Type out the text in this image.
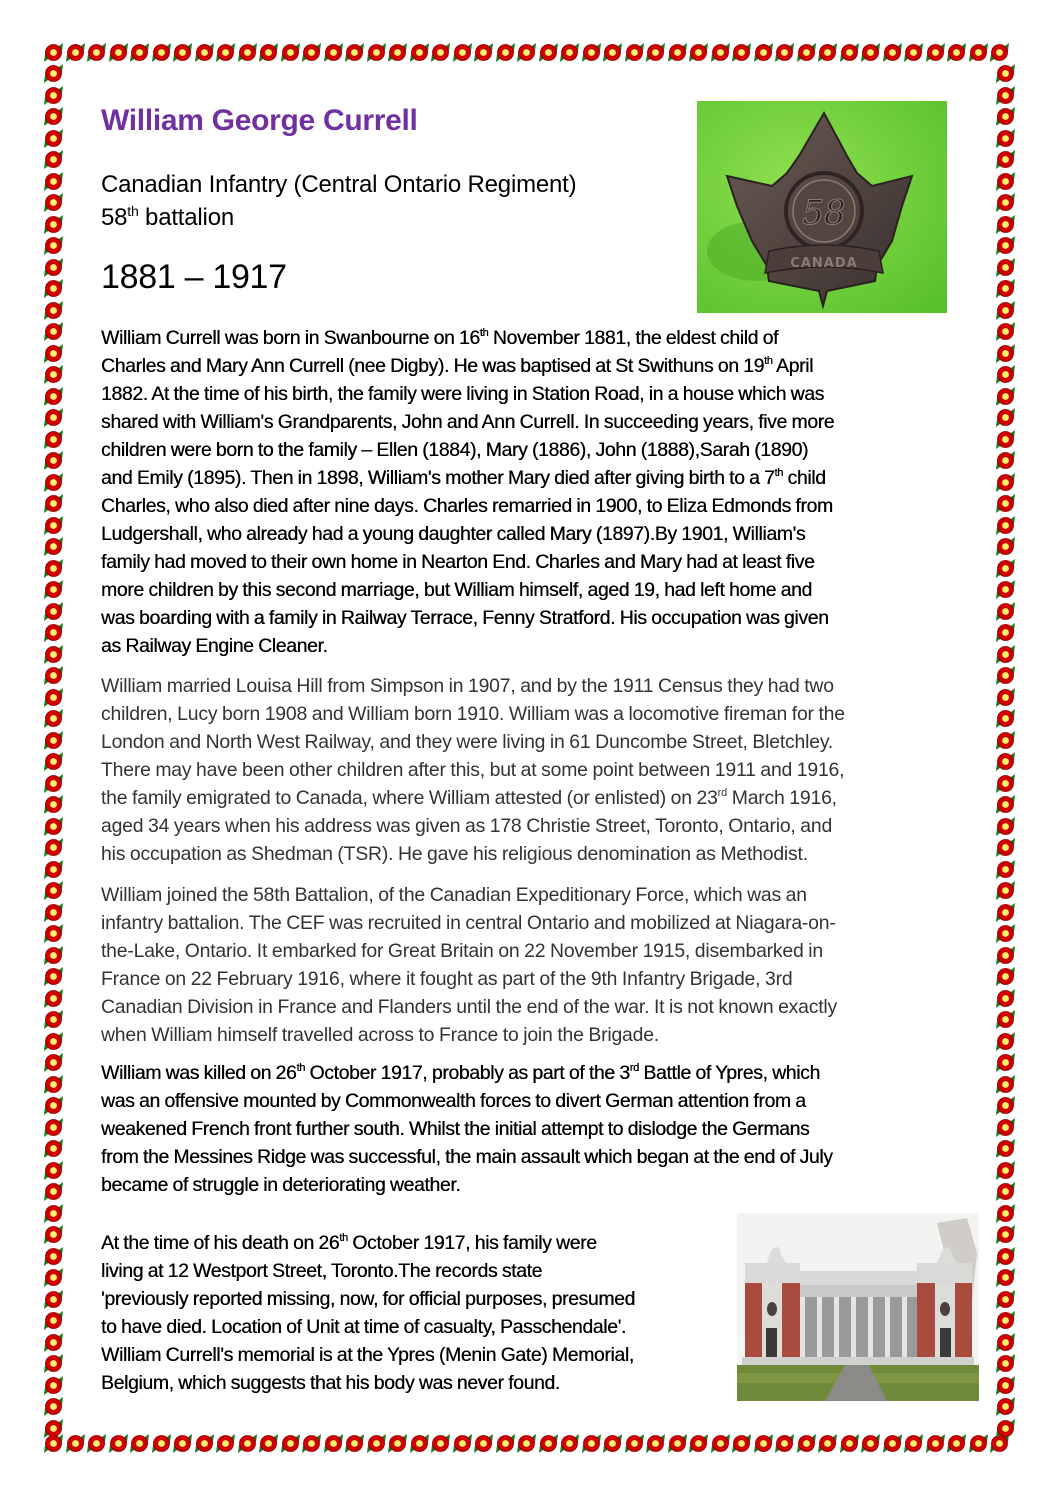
William George Currell
Canadian Infantry (Central Ontario Regiment)
58th battalion
1881 – 1917
58
CANADA
William Currell was born in Swanbourne on 16th November 1881, the eldest child of
Charles and Mary Ann Currell (nee Digby). He was baptised at St Swithuns on 19th April
1882. At the time of his birth, the family were living in Station Road, in a house which was
shared with William's Grandparents, John and Ann Currell. In succeeding years, five more
children were born to the family – Ellen (1884), Mary (1886), John (1888),Sarah (1890)
and Emily (1895). Then in 1898, William's mother Mary died after giving birth to a 7th child
Charles, who also died after nine days. Charles remarried in 1900, to Eliza Edmonds from
Ludgershall, who already had a young daughter called Mary (1897).By 1901, William's
family had moved to their own home in Nearton End. Charles and Mary had at least five
more children by this second marriage, but William himself, aged 19, had left home and
was boarding with a family in Railway Terrace, Fenny Stratford. His occupation was given
as Railway Engine Cleaner.
William married Louisa Hill from Simpson in 1907, and by the 1911 Census they had two
children, Lucy born 1908 and William born 1910. William was a locomotive fireman for the
London and North West Railway, and they were living in 61 Duncombe Street, Bletchley.
There may have been other children after this, but at some point between 1911 and 1916,
the family emigrated to Canada, where William attested (or enlisted) on 23rd March 1916,
aged 34 years when his address was given as 178 Christie Street, Toronto, Ontario, and
his occupation as Shedman (TSR). He gave his religious denomination as Methodist.
William joined the 58th Battalion, of the Canadian Expeditionary Force, which was an
infantry battalion. The CEF was recruited in central Ontario and mobilized at Niagara-on-
the-Lake, Ontario. It embarked for Great Britain on 22 November 1915, disembarked in
France on 22 February 1916, where it fought as part of the 9th Infantry Brigade, 3rd
Canadian Division in France and Flanders until the end of the war. It is not known exactly
when William himself travelled across to France to join the Brigade.
William was killed on 26th October 1917, probably as part of the 3rd Battle of Ypres, which
was an offensive mounted by Commonwealth forces to divert German attention from a
weakened French front further south. Whilst the initial attempt to dislodge the Germans
from the Messines Ridge was successful, the main assault which began at the end of July
became of struggle in deteriorating weather.
At the time of his death on 26th October 1917, his family were
living at 12 Westport Street, Toronto.The records state
'previously reported missing, now, for official purposes, presumed
to have died. Location of Unit at time of casualty, Passchendale'.
William Currell's memorial is at the Ypres (Menin Gate) Memorial,
Belgium, which suggests that his body was never found.
